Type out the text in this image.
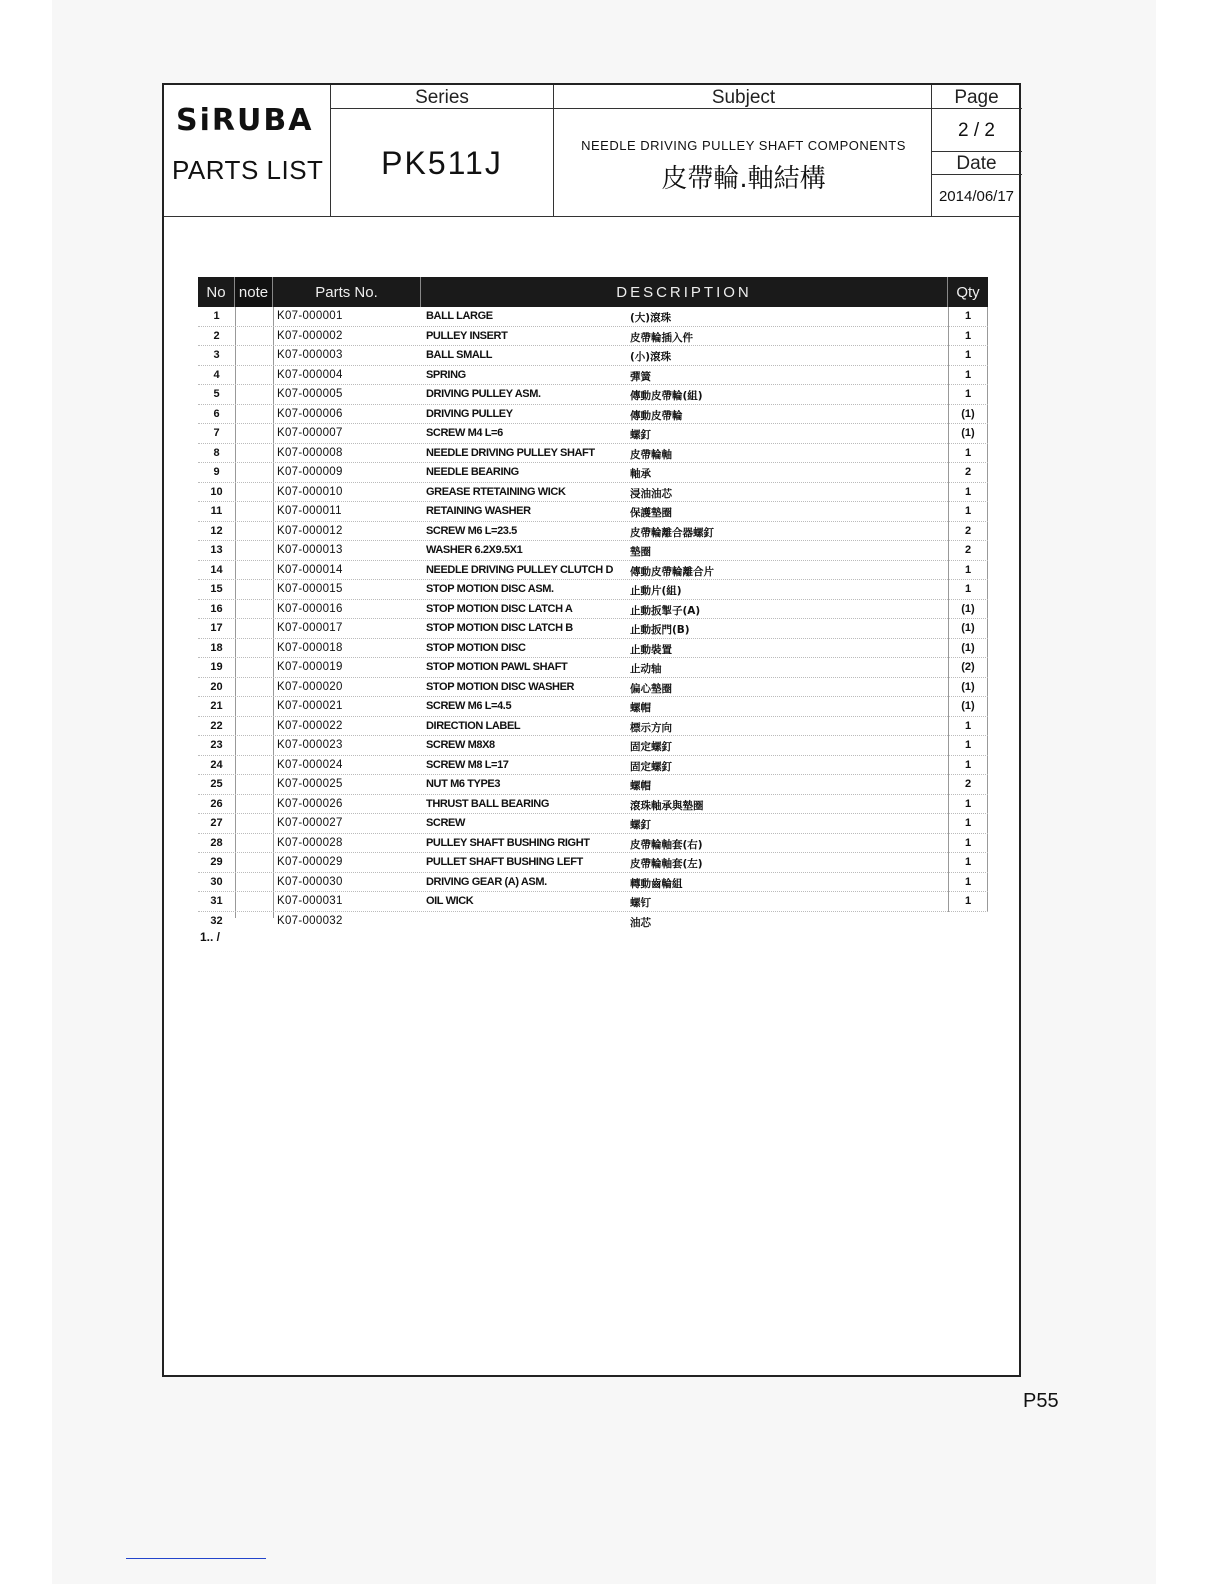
SiRUBA
PARTS LIST
Series
PK511J
Subject
NEEDLE DRIVING PULLEY SHAFT COMPONENTS
皮帶輪.軸結構
Page
2 / 2
Date
2014/06/17
No note	Parts No.	DESCRIPTION	Qty
1	K07-000001	BALL LARGE	(大)滾珠	1
2	K07-000002	PULLEY INSERT	皮帶輪插入件	1
3	K07-000003	BALL SMALL	(小)滾珠	1
4	K07-000004	SPRING	彈簧	1
5	K07-000005	DRIVING PULLEY ASM.	傳動皮帶輪(組)	1
6	K07-000006	DRIVING PULLEY	傳動皮帶輪	(1)
7	K07-000007	SCREW M4 L=6	螺釘	(1)
8	K07-000008	NEEDLE DRIVING PULLEY SHAFT	皮帶輪軸	1
9	K07-000009	NEEDLE BEARING	軸承	2
10	K07-000010	GREASE RTETAINING WICK	浸油油芯	1
11	K07-000011	RETAINING WASHER	保護墊圈	1
12	K07-000012	SCREW M6 L=23.5	皮帶輪離合器螺釘	2
13	K07-000013	WASHER 6.2X9.5X1	墊圈	2
14	K07-000014	NEEDLE DRIVING PULLEY CLUTCH D 傳動皮帶輪離合片	1
15	K07-000015	STOP MOTION DISC ASM.	止動片(組)	1
16	K07-000016	STOP MOTION DISC LATCH A	止動扳掣子(A)	(1)
17	K07-000017	STOP MOTION DISC LATCH B	止動扳門(B)	(1)
18	K07-000018	STOP MOTION DISC	止動裝置	(1)
19	K07-000019	STOP MOTION PAWL SHAFT	止动轴	(2)
20	K07-000020	STOP MOTION DISC WASHER	偏心墊圈	(1)
21	K07-000021	SCREW M6 L=4.5	螺帽	(1)
22	K07-000022	DIRECTION LABEL	標示方向	1
23	K07-000023	SCREW M8X8	固定螺釘	1
24	K07-000024	SCREW M8 L=17	固定螺釘	1
25	K07-000025	NUT M6 TYPE3	螺帽	2
26	K07-000026	THRUST BALL BEARING	滾珠軸承與墊圈	1
27	K07-000027	SCREW	螺釘	1
28	K07-000028	PULLEY SHAFT BUSHING RIGHT	皮帶輪軸套(右)	1
29	K07-000029	PULLET SHAFT BUSHING LEFT	皮帶輪軸套(左)	1
30	K07-000030	DRIVING GEAR (A) ASM.	轉動齒輪組	1
31	K07-000031	OIL WICK	螺钉	1
32	K07-000032	油芯
1.. /
P55
